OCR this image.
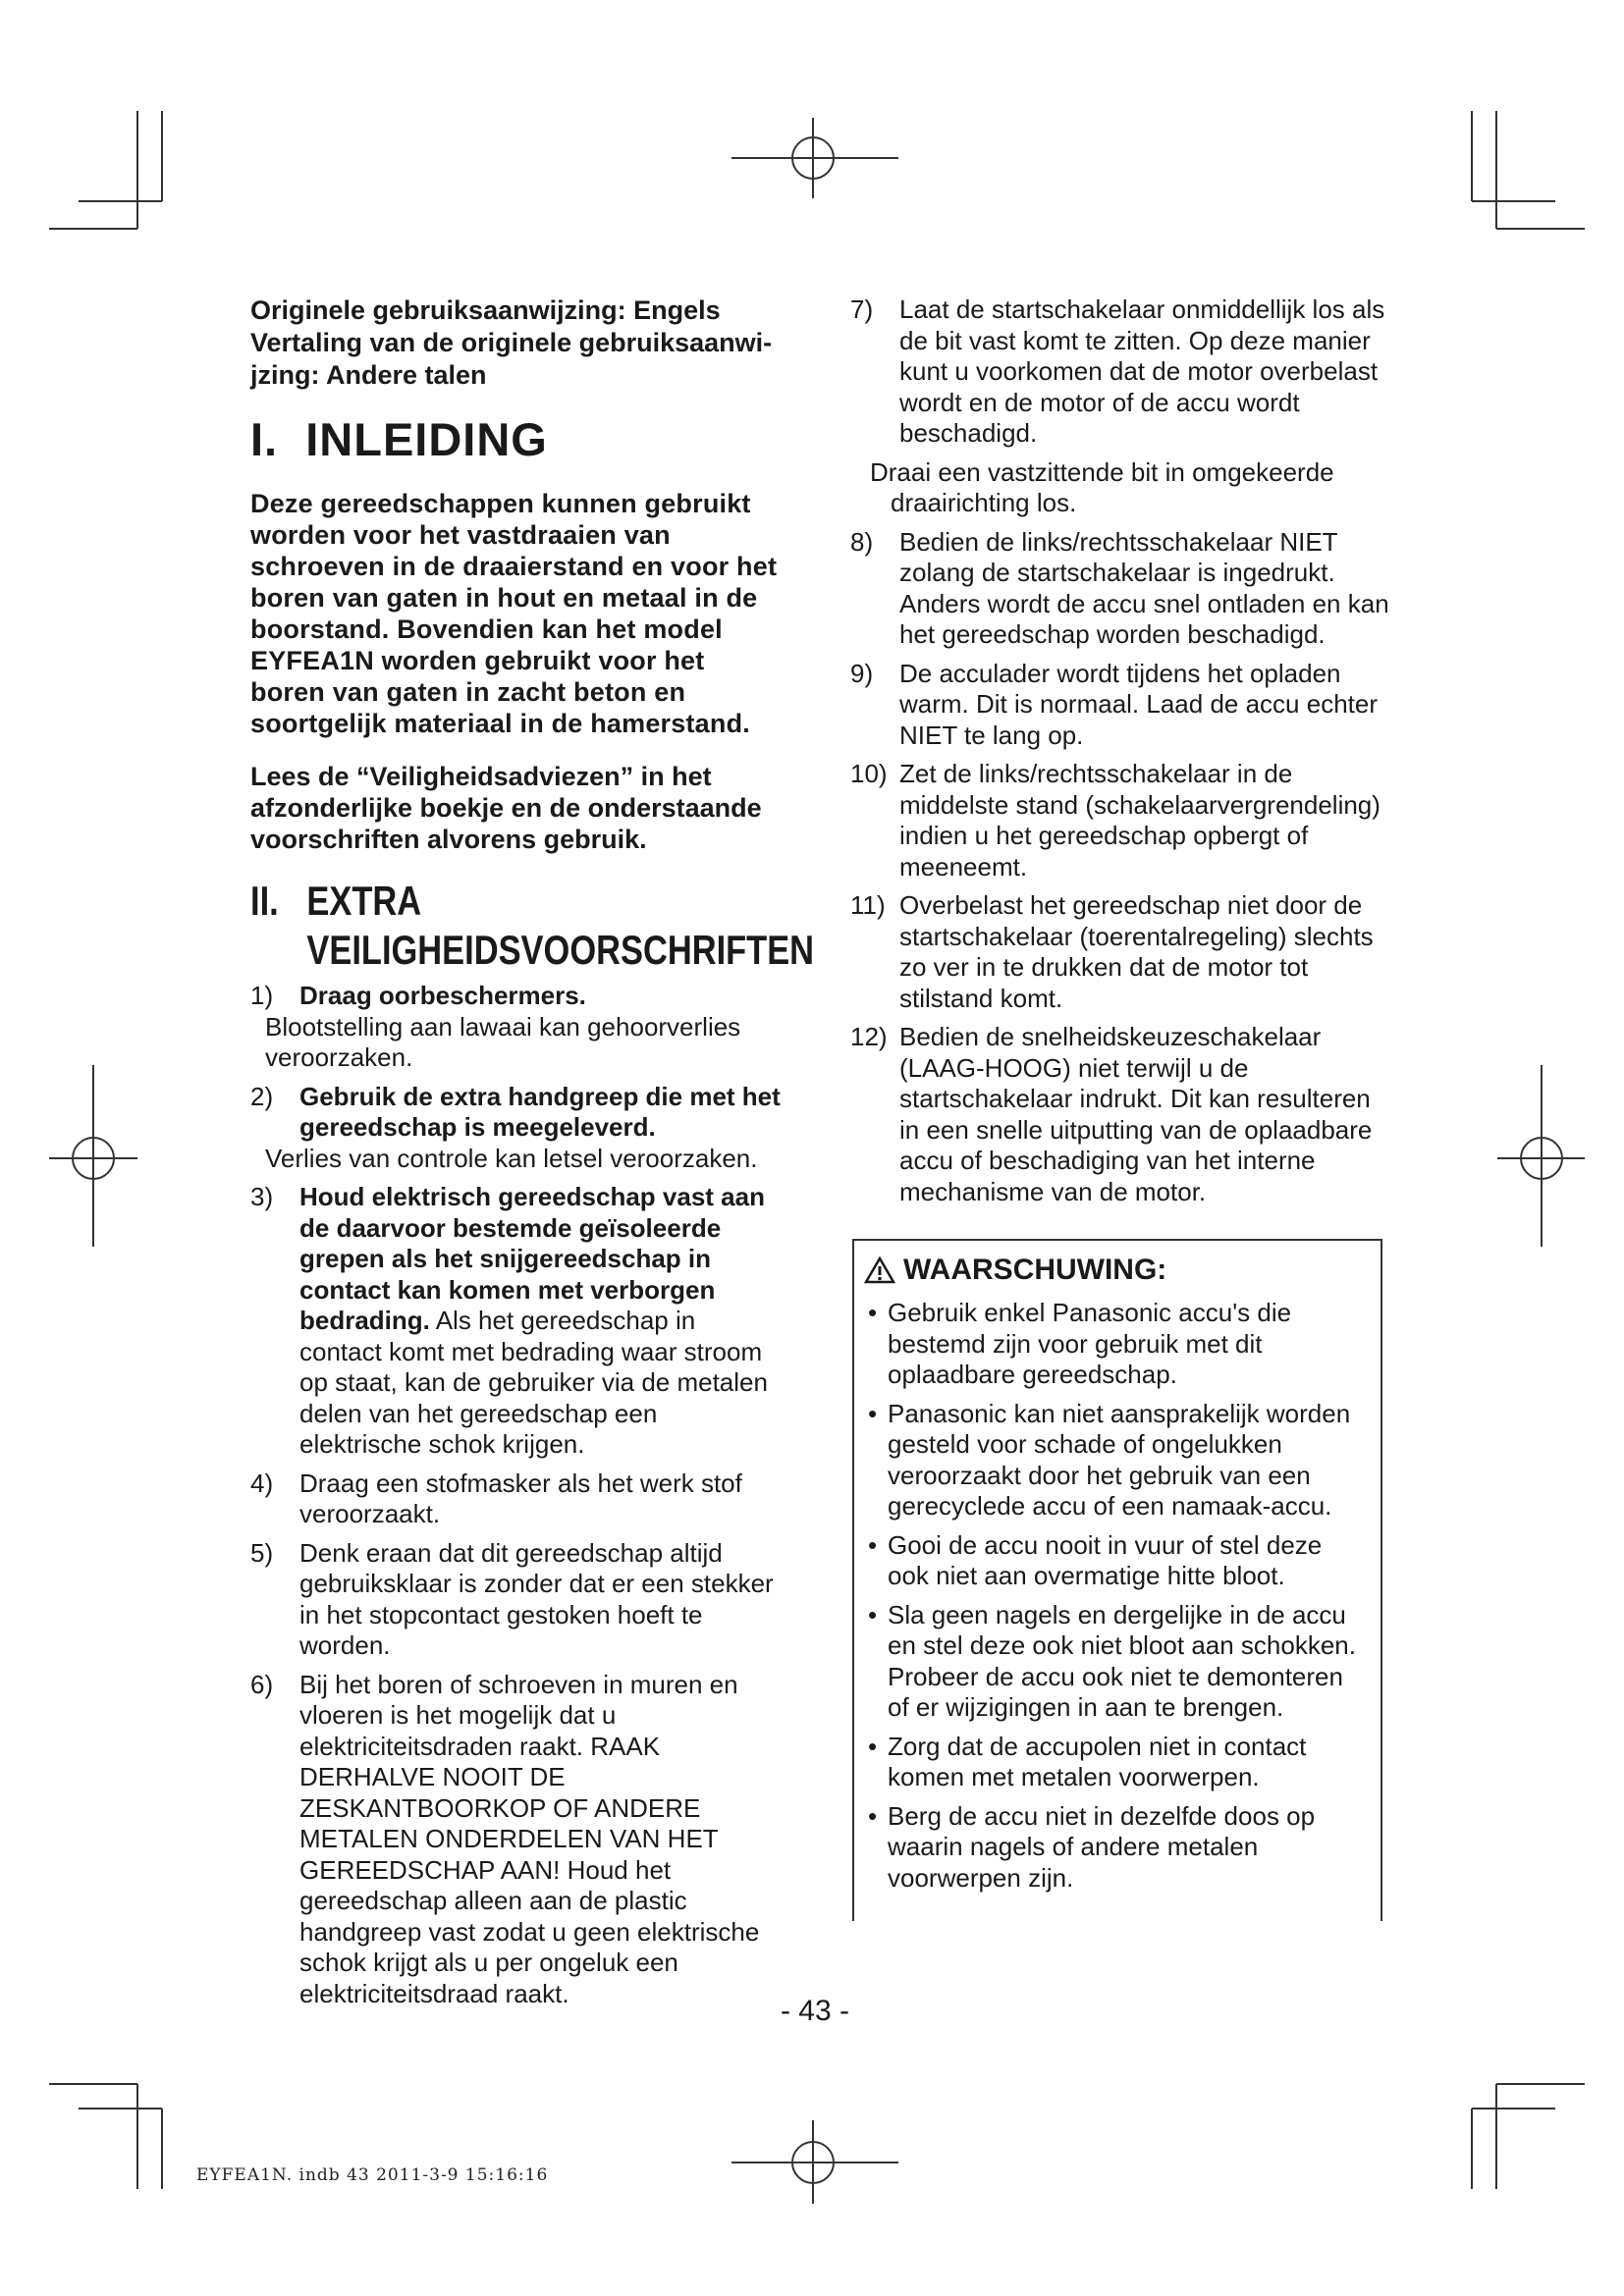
Originele gebruiksaanwijzing: Engels
Vertaling van de originele gebruiksaanwi-
jzing: Andere talen
I. INLEIDING

Deze gereedschappen kunnen gebruikt worden voor het vastdraaien van schroeven in de draaierstand en voor het boren van gaten in hout en metaal in de boorstand. Bovendien kan het model EYFEA1N worden gebruikt voor het boren van gaten in zacht beton en soortgelijk materiaal in de hamerstand.

Lees de “Veiligheidsadviezen” in het afzonderlijke boekje en de onderstaande voorschriften alvorens gebruik.

II. EXTRA
VEILIGHEIDSVOORSCHRIFTEN
1) Draag oorbeschermers.
Blootstelling aan lawaai kan gehoorverlies veroorzaken.
2) Gebruik de extra handgreep die met het gereedschap is meegeleverd.
Verlies van controle kan letsel veroorzaken.
3) Houd elektrisch gereedschap vast aan de daarvoor bestemde geïsoleerde grepen als het snijgereedschap in contact kan komen met verborgen bedrading. Als het gereedschap in contact komt met bedrading waar stroom op staat, kan de gebruiker via de metalen delen van het gereedschap een elektrische schok krijgen.
4) Draag een stofmasker als het werk stof veroorzaakt.
5) Denk eraan dat dit gereedschap altijd gebruiksklaar is zonder dat er een stekker in het stopcontact gestoken hoeft te worden.
6) Bij het boren of schroeven in muren en vloeren is het mogelijk dat u elektriciteitsdraden raakt. RAAK DERHALVE NOOIT DE ZESKANTBOORKOP OF ANDERE METALEN ONDERDELEN VAN HET GEREEDSCHAP AAN! Houd het gereedschap alleen aan de plastic handgreep vast zodat u geen elektrische schok krijgt als u per ongeluk een elektriciteitsdraad raakt.
7) Laat de startschakelaar onmiddellijk los als de bit vast komt te zitten. Op deze manier kunt u voorkomen dat de motor overbelast wordt en de motor of de accu wordt beschadigd.

Draai een vastzittende bit in omgekeerde draairichting los.

8) Bedien de links/rechtsschakelaar NIET zolang de startschakelaar is ingedrukt. Anders wordt de accu snel ontladen en kan het gereedschap worden beschadigd.
9) De acculader wordt tijdens het opladen warm. Dit is normaal. Laad de accu echter NIET te lang op.
10) Zet de links/rechtsschakelaar in de middelste stand (schakelaarvergrendeling) indien u het gereedschap opbergt of meeneemt.
11) Overbelast het gereedschap niet door de startschakelaar (toerentalregeling) slechts zo ver in te drukken dat de motor tot stilstand komt.
12) Bedien de snelheidskeuzeschakelaar (LAAG-HOOG) niet terwijl u de startschakelaar indrukt. Dit kan resulteren in een snelle uitputting van de oplaadbare accu of beschadiging van het interne mechanisme van de motor.
WAARSCHUWING:
• Gebruik enkel Panasonic accu's die bestemd zijn voor gebruik met dit oplaadbare gereedschap.
• Panasonic kan niet aansprakelijk worden gesteld voor schade of ongelukken veroorzaakt door het gebruik van een gerecyclede accu of een namaak-accu.
• Gooi de accu nooit in vuur of stel deze ook niet aan overmatige hitte bloot.
• Sla geen nagels en dergelijke in de accu en stel deze ook niet bloot aan schokken. Probeer de accu ook niet te demonteren of er wijzigingen in aan te brengen.
• Zorg dat de accupolen niet in contact komen met metalen voorwerpen.
• Berg de accu niet in dezelfde doos op waarin nagels of andere metalen voorwerpen zijn.
- 43 -
EYFEA1N. indb 43 2011-3-9 15:16:16
